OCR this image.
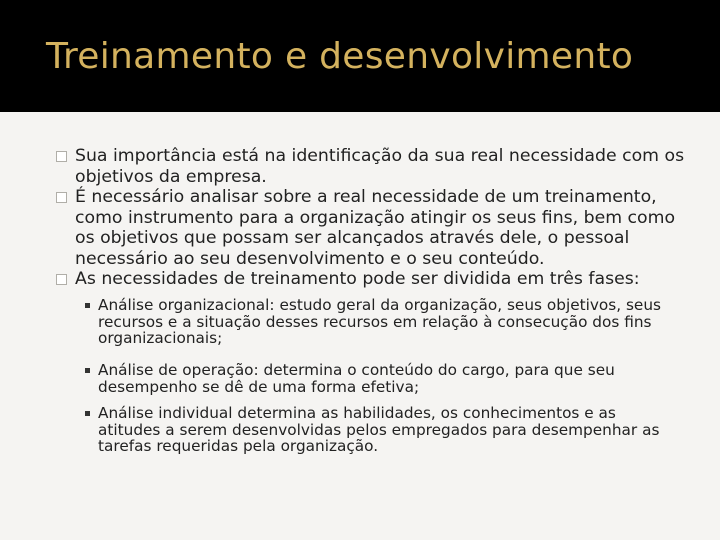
Treinamento e desenvolvimento
Sua importância está na identificação da sua real necessidade com os objetivos da empresa.
É necessário analisar sobre a real necessidade de um treinamento, como instrumento para a organização atingir os seus fins, bem como os objetivos que possam ser alcançados através dele, o pessoal necessário ao seu desenvolvimento e o seu conteúdo.
As necessidades de treinamento pode ser dividida em três fases:
Análise organizacional: estudo geral da organização, seus objetivos, seus recursos e a situação desses recursos em relação à consecução dos fins organizacionais;
Análise de operação: determina o conteúdo do cargo, para que seu desempenho se dê de uma forma efetiva;
Análise individual determina as habilidades, os conhecimentos e as atitudes a serem desenvolvidas pelos empregados para desempenhar as tarefas requeridas pela organização.
